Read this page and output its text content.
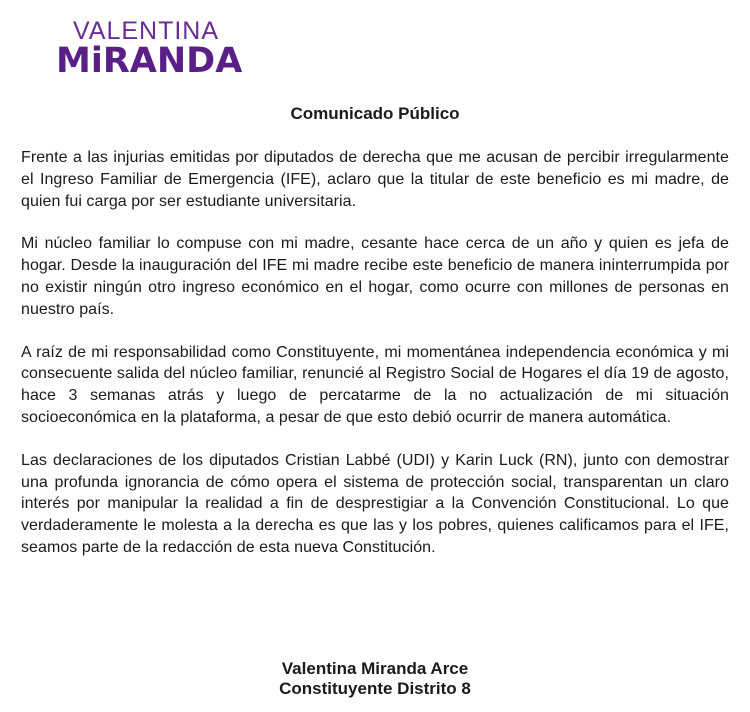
VALENTINA
MiRANDA
Comunicado Público

Frente a las injurias emitidas por diputados de derecha que me acusan de percibir irregularmente el Ingreso Familiar de Emergencia (IFE), aclaro que la titular de este beneficio es mi madre, de quien fui carga por ser estudiante universitaria.

Mi núcleo familiar lo compuse con mi madre, cesante hace cerca de un año y quien es jefa de hogar. Desde la inauguración del IFE mi madre recibe este beneficio de manera ininterrumpida por no existir ningún otro ingreso económico en el hogar, como ocurre con millones de personas en nuestro país.

A raíz de mi responsabilidad como Constituyente, mi momentánea independencia económica y mi consecuente salida del núcleo familiar, renuncié al Registro Social de Hogares el día 19 de agosto, hace 3 semanas atrás y luego de percatarme de la no actualización de mi situación socioeconómica en la plataforma, a pesar de que esto debió ocurrir de manera automática.

Las declaraciones de los diputados Cristian Labbé (UDI) y Karin Luck (RN), junto con demostrar una profunda ignorancia de cómo opera el sistema de protección social, transparentan un claro interés por manipular la realidad a fin de desprestigiar a la Convención Constitucional. Lo que verdaderamente le molesta a la derecha es que las y los pobres, quienes calificamos para el IFE, seamos parte de la redacción de esta nueva Constitución.

Valentina Miranda Arce
Constituyente Distrito 8
